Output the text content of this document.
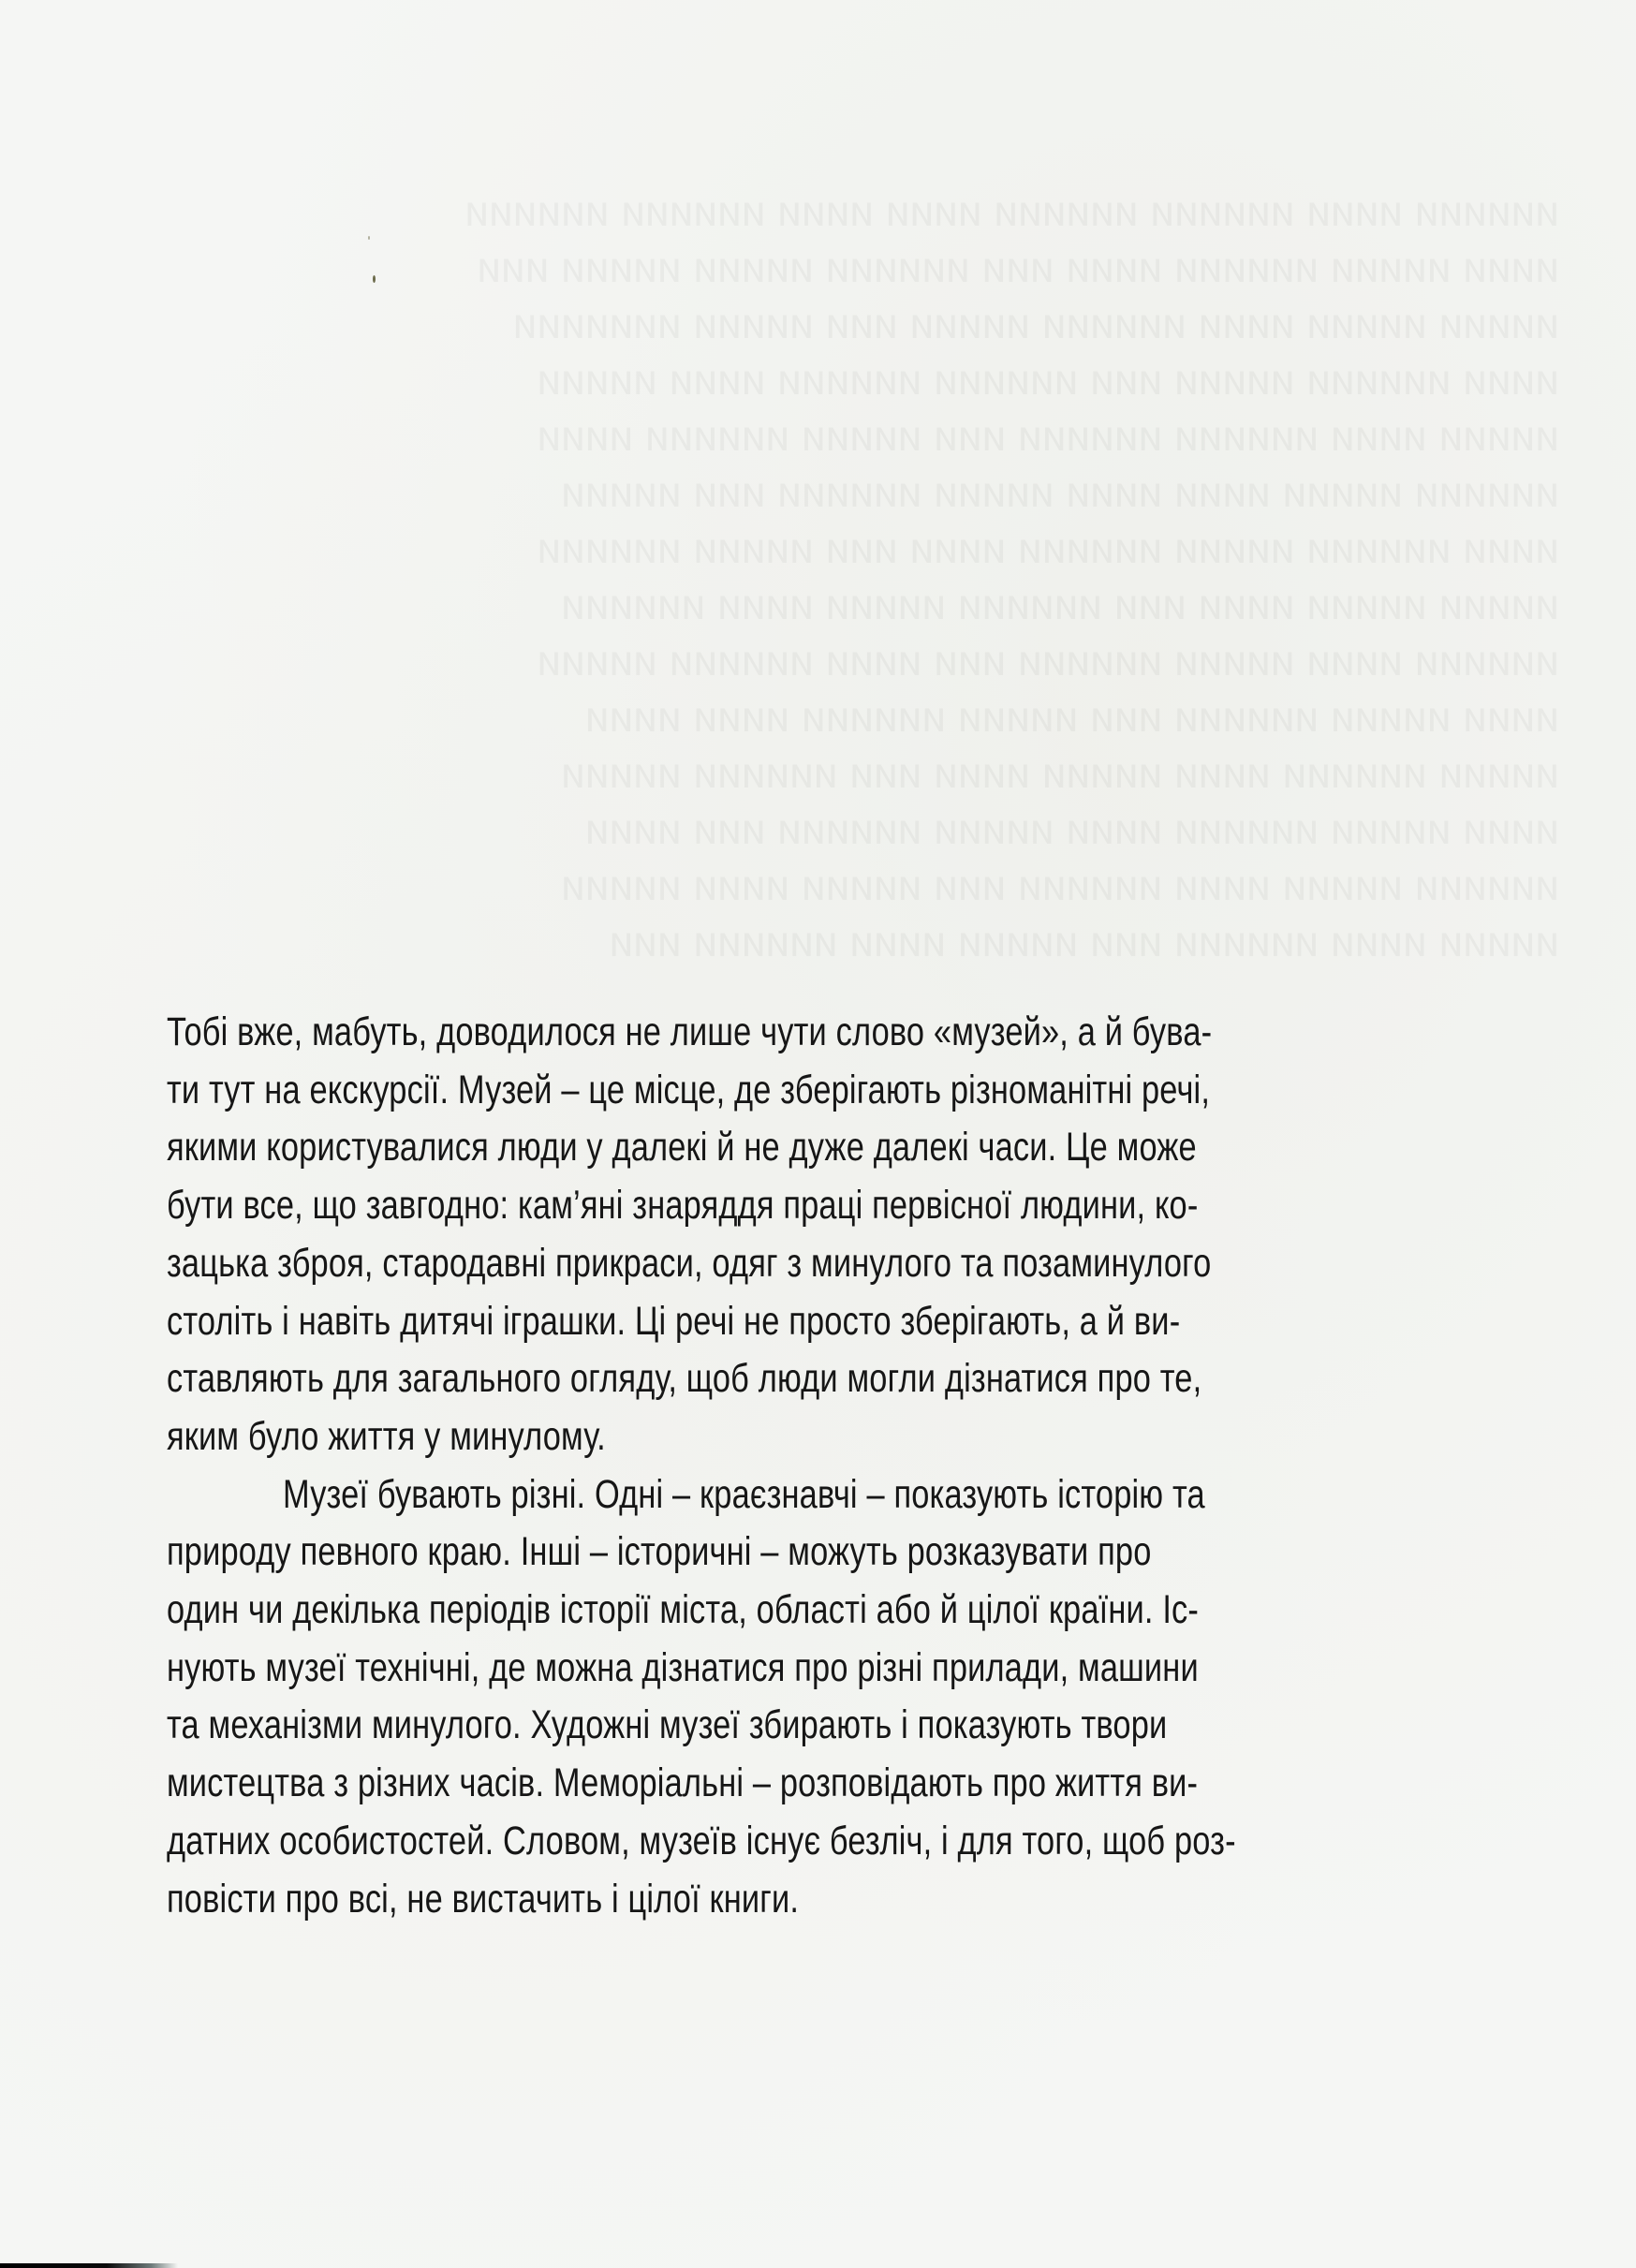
Тобі вже, мабуть, доводилося не лише чути слово «музей», а й бува-
ти тут на екскурсії. Музей – це місце, де зберігають різноманітні речі,
якими користувалися люди у далекі й не дуже далекі часи. Це може
бути все, що завгодно: кам’яні знаряддя праці первісної людини, ко-
зацька зброя, стародавні прикраси, одяг з минулого та позаминулого
століть і навіть дитячі іграшки. Ці речі не просто зберігають, а й ви-
ставляють для загального огляду, щоб люди могли дізнатися про те,
яким було життя у минулому.

Музеї бувають різні. Одні – краєзнавчі – показують історію та
природу певного краю. Інші – історичні – можуть розказувати про
один чи декілька періодів історії міста, області або й цілої країни. Іс-
нують музеї технічні, де можна дізнатися про різні прилади, машини
та механізми минулого. Художні музеї збирають і показують твори
мистецтва з різних часів. Меморіальні – розповідають про життя ви-
датних особистостей. Словом, музеїв існує безліч, і для того, щоб роз-
повісти про всі, не вистачить і цілої книги.
